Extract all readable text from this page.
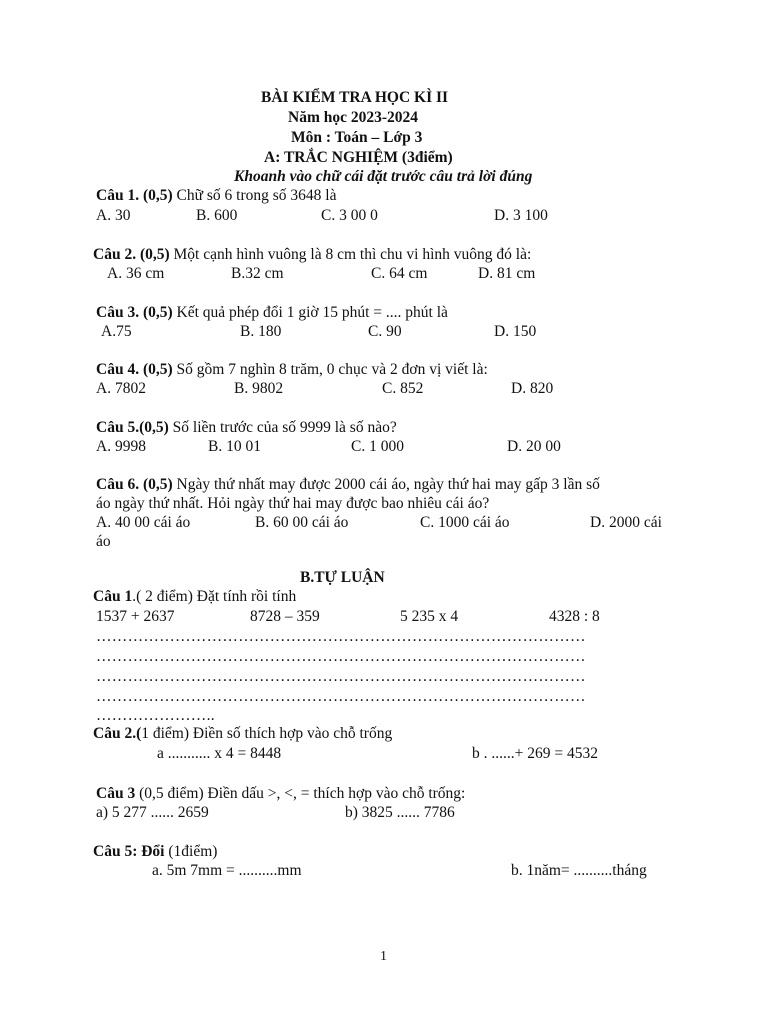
BÀI KIỂM TRA HỌC KÌ II
Năm học 2023-2024
Môn : Toán – Lớp 3
A: TRẮC NGHIỆM (3điểm)
Khoanh vào chữ cái đặt trước câu trả lời đúng
Câu 1. (0,5) Chữ số 6 trong số 3648 là
A. 30	B. 600	C. 3 00 0	D. 3 100
Câu 2. (0,5) Một cạnh hình vuông là 8 cm thì chu vi hình vuông đó là:
A. 36 cm	B.32 cm	C. 64 cm	D. 81 cm
Câu 3. (0,5) Kết quả phép đổi 1 giờ 15 phút = .... phút là
A.75	B. 180	C. 90	D. 150
Câu 4. (0,5) Số gồm 7 nghìn 8 trăm, 0 chục và 2 đơn vị viết là:
A. 7802	B. 9802	C. 852	D. 820
Câu 5.(0,5) Số liền trước của số 9999 là số nào?
A. 9998	B. 10 01	C. 1 000	D. 20 00
Câu 6. (0,5) Ngày thứ nhất may được 2000 cái áo, ngày thứ hai may gấp 3 lần số
áo ngày thứ nhất. Hỏi ngày thứ hai may được bao nhiêu cái áo?
A. 40 00 cái áo	B. 60 00 cái áo	C. 1000 cái áo	D. 2000 cái
áo
B.TỰ LUẬN
Câu 1.( 2 điểm) Đặt tính rồi tính
1537 + 2637	8728 – 359	5 235 x 4	4328 : 8
…………………………………………………………………………………
…………………………………………………………………………………
…………………………………………………………………………………
…………………………………………………………………………………
…………………..
Câu 2.(1 điểm) Điền số thích hợp vào chỗ trống
a ........... x 4 = 8448	b . ......+ 269 = 4532
Câu 3 (0,5 điểm) Điền dấu >, <, = thích hợp vào chỗ trống:
a) 5 277 ...... 2659	b) 3825 ...... 7786
Câu 5: Đổi (1điểm)
a. 5m 7mm = ..........mm	b. 1năm= ..........tháng
1
